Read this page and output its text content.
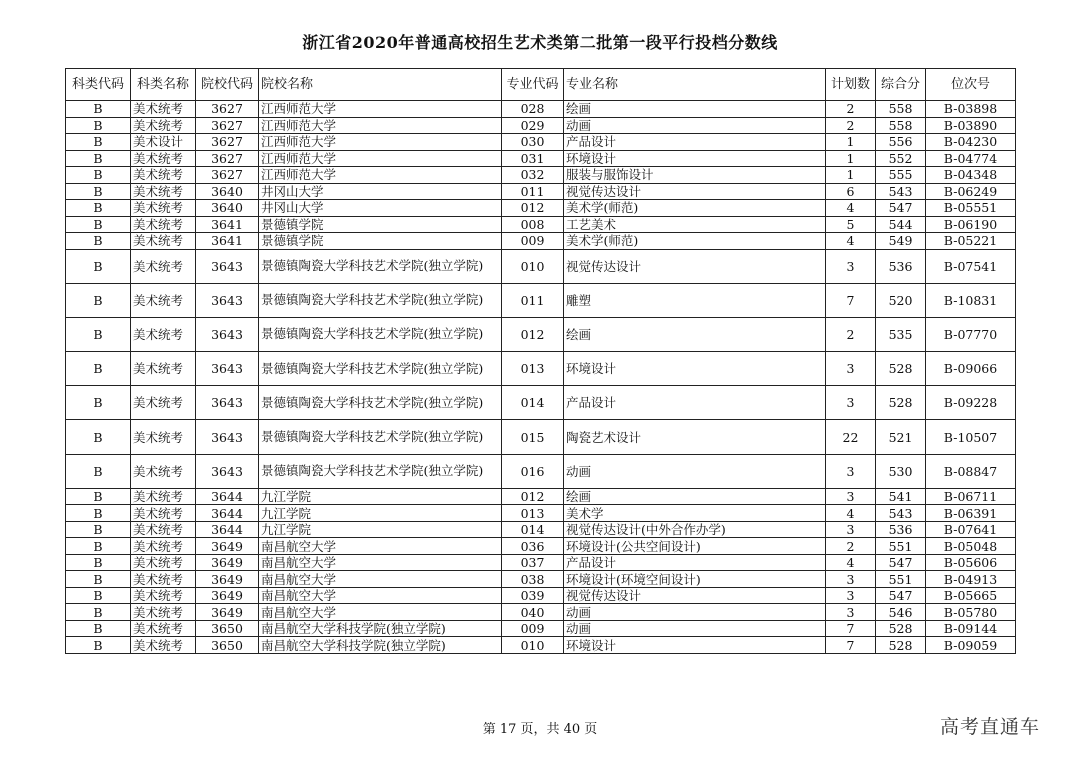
浙江省2020年普通高校招生艺术类第二批第一段平行投档分数线
科类代码	科类名称	院校代码	院校名称	专业代码	专业名称	计划数	综合分	位次号
B	美术统考	3627	江西师范大学	028	绘画	2	558	B-03898
B	美术统考	3627	江西师范大学	029	动画	2	558	B-03890
B	美术设计	3627	江西师范大学	030	产品设计	1	556	B-04230
B	美术统考	3627	江西师范大学	031	环境设计	1	552	B-04774
B	美术统考	3627	江西师范大学	032	服装与服饰设计	1	555	B-04348
B	美术统考	3640	井冈山大学	011	视觉传达设计	6	543	B-06249
B	美术统考	3640	井冈山大学	012	美术学(师范)	4	547	B-05551
B	美术统考	3641	景德镇学院	008	工艺美术	5	544	B-06190
B	美术统考	3641	景德镇学院	009	美术学(师范)	4	549	B-05221
B	美术统考	3643	景德镇陶瓷大学科技艺术学院(独立学院)	010	视觉传达设计	3	536	B-07541
B	美术统考	3643	景德镇陶瓷大学科技艺术学院(独立学院)	011	雕塑	7	520	B-10831
B	美术统考	3643	景德镇陶瓷大学科技艺术学院(独立学院)	012	绘画	2	535	B-07770
B	美术统考	3643	景德镇陶瓷大学科技艺术学院(独立学院)	013	环境设计	3	528	B-09066
B	美术统考	3643	景德镇陶瓷大学科技艺术学院(独立学院)	014	产品设计	3	528	B-09228
B	美术统考	3643	景德镇陶瓷大学科技艺术学院(独立学院)	015	陶瓷艺术设计	22	521	B-10507
B	美术统考	3643	景德镇陶瓷大学科技艺术学院(独立学院)	016	动画	3	530	B-08847
B	美术统考	3644	九江学院	012	绘画	3	541	B-06711
B	美术统考	3644	九江学院	013	美术学	4	543	B-06391
B	美术统考	3644	九江学院	014	视觉传达设计(中外合作办学)	3	536	B-07641
B	美术统考	3649	南昌航空大学	036	环境设计(公共空间设计)	2	551	B-05048
B	美术统考	3649	南昌航空大学	037	产品设计	4	547	B-05606
B	美术统考	3649	南昌航空大学	038	环境设计(环境空间设计)	3	551	B-04913
B	美术统考	3649	南昌航空大学	039	视觉传达设计	3	547	B-05665
B	美术统考	3649	南昌航空大学	040	动画	3	546	B-05780
B	美术统考	3650	南昌航空大学科技学院(独立学院)	009	动画	7	528	B-09144
B	美术统考	3650	南昌航空大学科技学院(独立学院)	010	环境设计	7	528	B-09059
第 17 页，共 40 页	高考直通车
